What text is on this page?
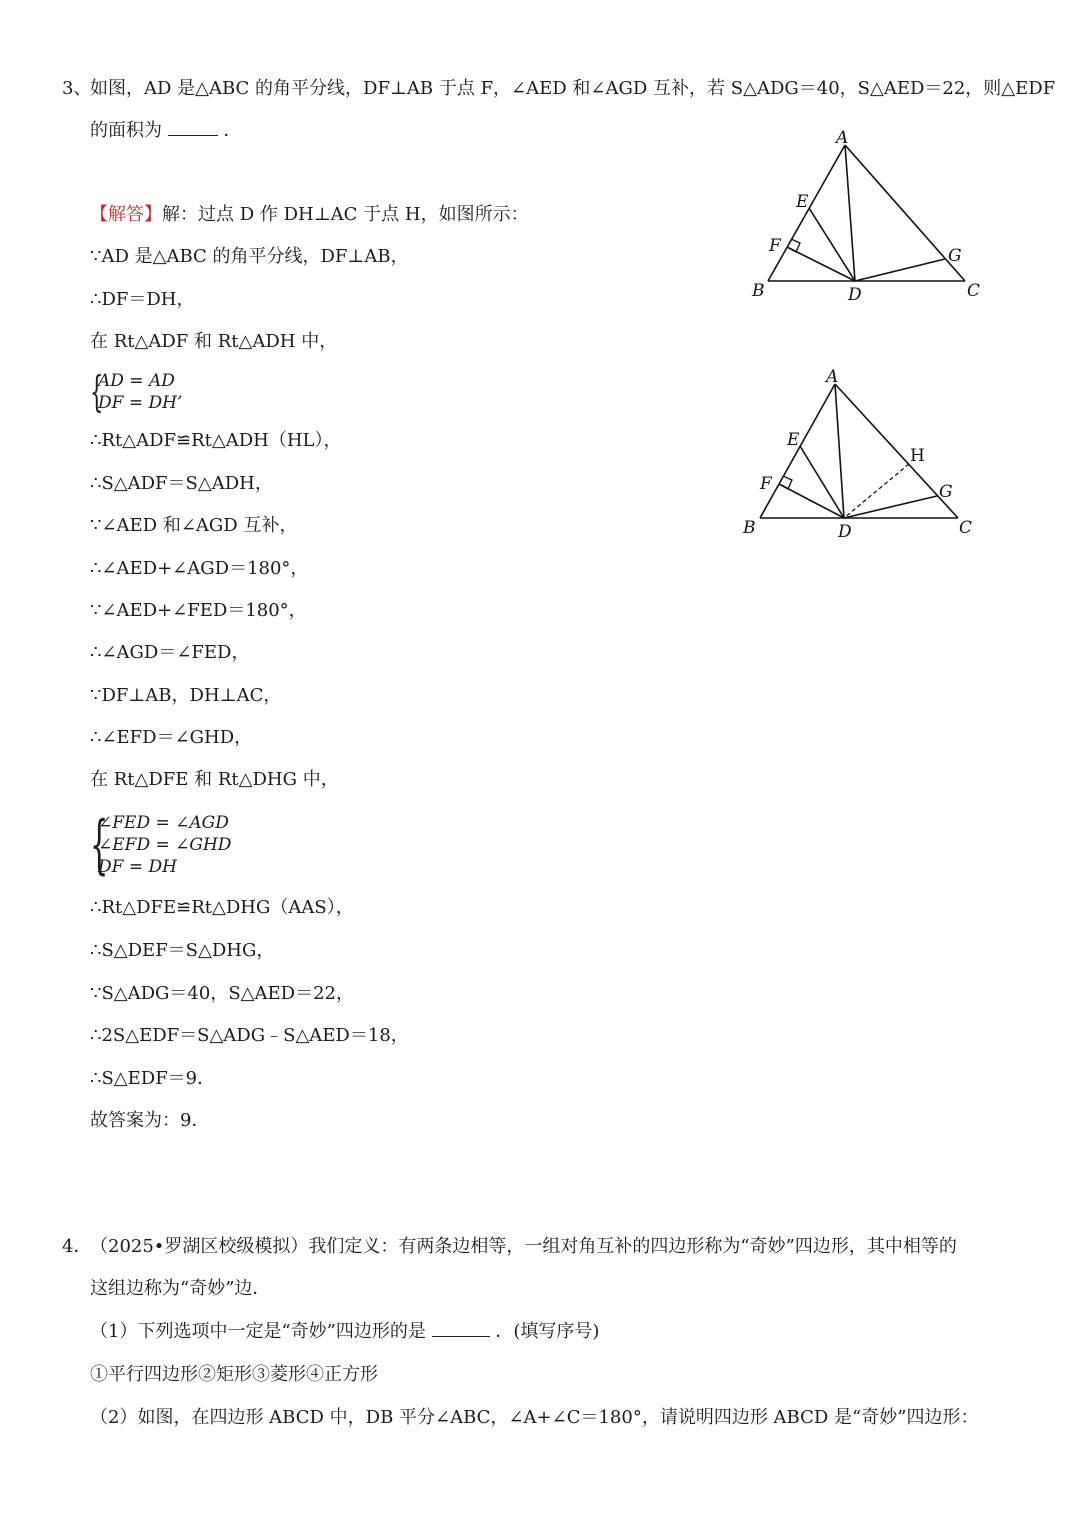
3、
如图，AD 是△ABC 的角平分线，DF⊥AB 于点 F，∠AED 和∠AGD 互补，若 S△ADG＝40，S△AED＝22，则△EDF
的面积为	．
【解答】解：过点 D 作 DH⊥AC 于点 H，如图所示：
∵AD 是△ABC 的角平分线，DF⊥AB，
∴DF＝DH，
在 Rt△ADF 和 Rt△ADH 中，
{
AD = AD
DF = DH’
∴Rt△ADF≌Rt△ADH（HL），
∴S△ADF＝S△ADH，
∵∠AED 和∠AGD 互补，
∴∠AED+∠AGD＝180°，
∵∠AED+∠FED＝180°，
∴∠AGD＝∠FED，
∵DF⊥AB，DH⊥AC，
∴∠EFD＝∠GHD，
在 Rt△DFE 和 Rt△DHG 中，
{
∠FED = ∠AGD
∠EFD = ∠GHD
DF = DH
∴Rt△DFE≌Rt△DHG（AAS），
∴S△DEF＝S△DHG，
∵S△ADG＝40，S△AED＝22，
∴2S△EDF＝S△ADG﹣S△AED＝18，
∴S△EDF＝9．
故答案为：9．
A
E
F	G
B	D	C
A
E
H
F	G
B	D	C
4．
（2025•罗湖区校级模拟）我们定义：有两条边相等，一组对角互补的四边形称为“奇妙”四边形，其中相等的
这组边称为“奇妙”边．
（1）下列选项中一定是“奇妙”四边形的是	．(填写序号)
①平行四边形②矩形③菱形④正方形
（2）如图，在四边形 ABCD 中，DB 平分∠ABC，∠A+∠C＝180°，请说明四边形 ABCD 是“奇妙”四边形：
